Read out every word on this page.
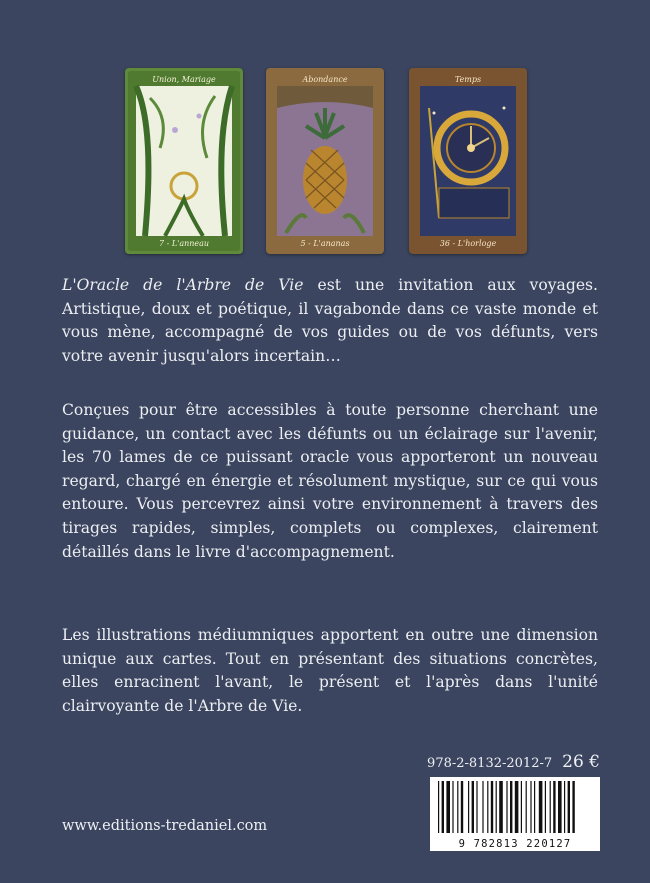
Union, Mariage
7 - L'anneau
Abondance
5 - L'ananas
Temps
36 - L'horloge

L'Oracle de l'Arbre de Vie est une invitation aux voyages. Artistique, doux et poétique, il vagabonde dans ce vaste monde et vous mène, accompagné de vos guides ou de vos défunts, vers votre avenir jusqu'alors incertain…

Conçues pour être accessibles à toute personne cherchant une guidance, un contact avec les défunts ou un éclairage sur l'avenir, les 70 lames de ce puissant oracle vous apporteront un nouveau regard, chargé en énergie et résolument mystique, sur ce qui vous entoure. Vous percevrez ainsi votre environnement à travers des tirages rapides, simples, complets ou complexes, clairement détaillés dans le livre d'accompagnement.

Les illustrations médiumniques apportent en outre une dimension unique aux cartes. Tout en présentant des situations concrètes, elles enracinent l'avant, le présent et l'après dans l'unité clairvoyante de l'Arbre de Vie.

978-2-8132-2012-7 26 €
9 782813 220127
www.editions-tredaniel.com
